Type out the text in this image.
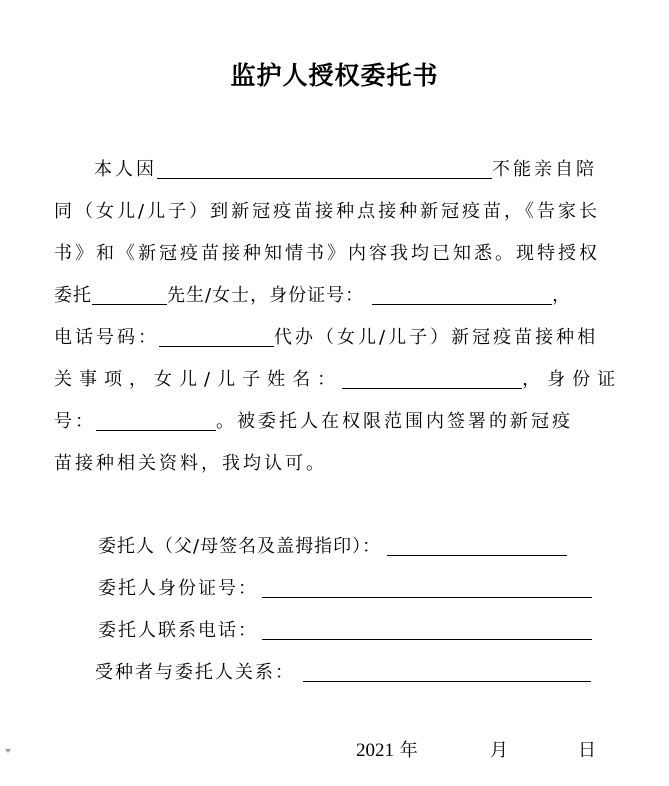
监护人授权委托书
本人因	不能亲自陪
同（女儿/儿子）到新冠疫苗接种点接种新冠疫苗，《告家长
书》和《新冠疫苗接种知情书》内容我均已知悉。现特授权
委托	先生/女士，身份证号：	，
电话号码：	代办（女儿/儿子）新冠疫苗接种相
关事项，女儿/儿子姓名：	，身份证
号：	。被委托人在权限范围内签署的新冠疫
苗接种相关资料，我均认可。
委托人（父/母签名及盖拇指印）：
委托人身份证号：
委托人联系电话：
受种者与委托人关系：
2021 年	月	日
